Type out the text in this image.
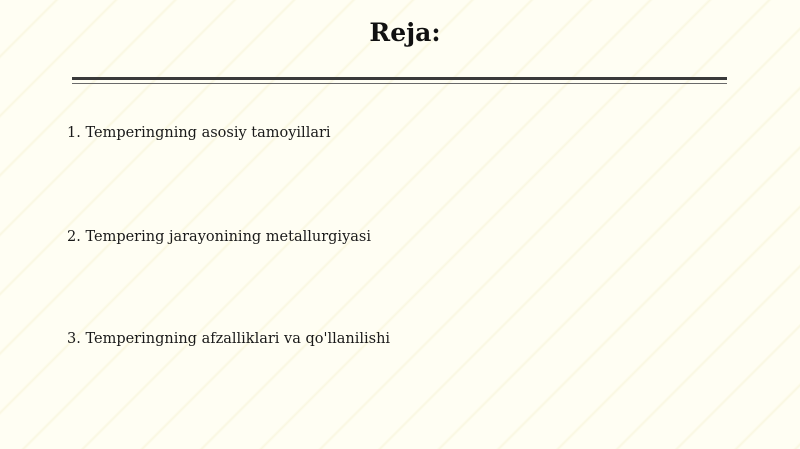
Reja:
1. Temperingning asosiy tamoyillari
2. Tempering jarayonining metallurgiyasi
3. Temperingning afzalliklari va qo'llanilishi
